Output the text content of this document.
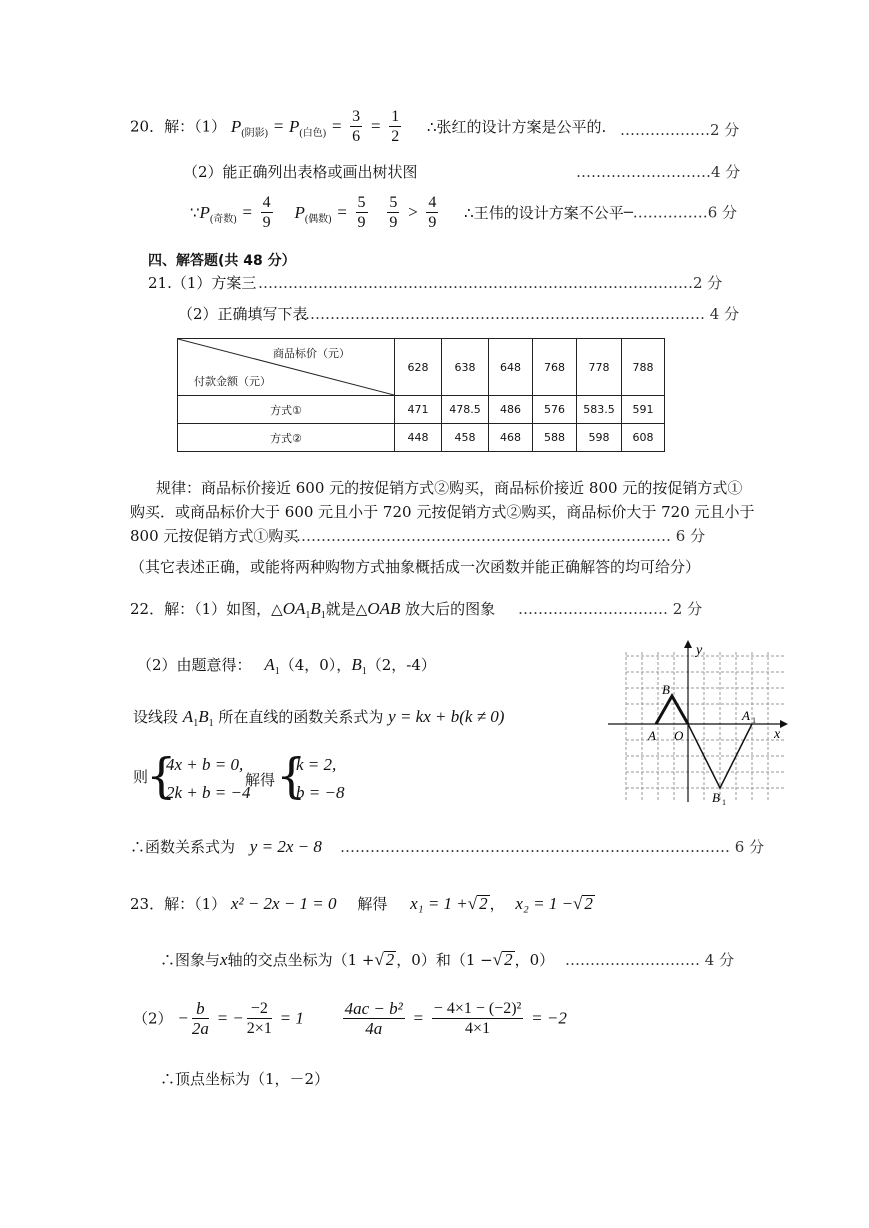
20．解：（1） $P_{(阴影)} = P_{(白色)} = \frac{3}{6} = \frac{1}{2}$ ∴张红的设计方案是公平的. ………………2 分
（2）能正确列出表格或画出树状图	………………………4 分
$\because P_{(奇数)} = \frac{4}{9} P_{(偶数)} = \frac{5}{9}$
$\frac{5}{9} > \frac{4}{9}$ ∴王伟的设计方案不公平─……………6 分
四、解答题(共 48 分）
21.（1）方案三 ……………………………………………………………………………2 分
（2）正确填写下表
……………………………………………………………………… 4 分
商品标价（元）
付款金额（元）	628	638	648	768	778	788
方式①	471	478.5	486	576	583.5	591
方式②	448	458	468	588	598	608
规律：商品标价接近 600 元的按促销方式②购买，商品标价接近 800 元的按促销方式①
购买．或商品标价大于 600 元且小于 720 元按促销方式②购买，商品标价大于 720 元且小于
800 元按促销方式①购买
………………………………………………………………… 6 分
（其它表述正确，或能将两种购物方式抽象概括成一次函数并能正确解答的均可给分）
22．解：（1）如图，$\triangle OA_1B_1$就是△OAB 放大后的图象 ………………………… 2 分
（2）由题意得： $A_1(4$，0），$B_1(2$，-4）
设线段 $A_1B_1$ 所在直线的函数关系式为 y = kx + b(k ≠ 0)
则
{
4x + b = 0,
2k + b = −4
解得 {
k = 2,
b = −8
∴函数关系式为 y = 2x − 8 …………………………………………………………………… 6 分
x
y
B
A O
A 1
B 1
23．解：（1） x² − 2x − 1 = 0 解得 x₁ = 1 +√ 2 ， x₂ = 1 −√ 2
∴图象与x轴的交点坐标为（1 +√ 2 ，0）和（1 −√ 2 ，0） ……………………… 4 分
$(2) - \frac{b}{2a}$ = − $\frac{-2}{2\times 1} = 1 \frac{\text{4ac − b²}}{4a} = \frac{\text{− 4×1 − (−2)²}}{4\times 1} = -2$
∴顶点坐标为（1，－2）
